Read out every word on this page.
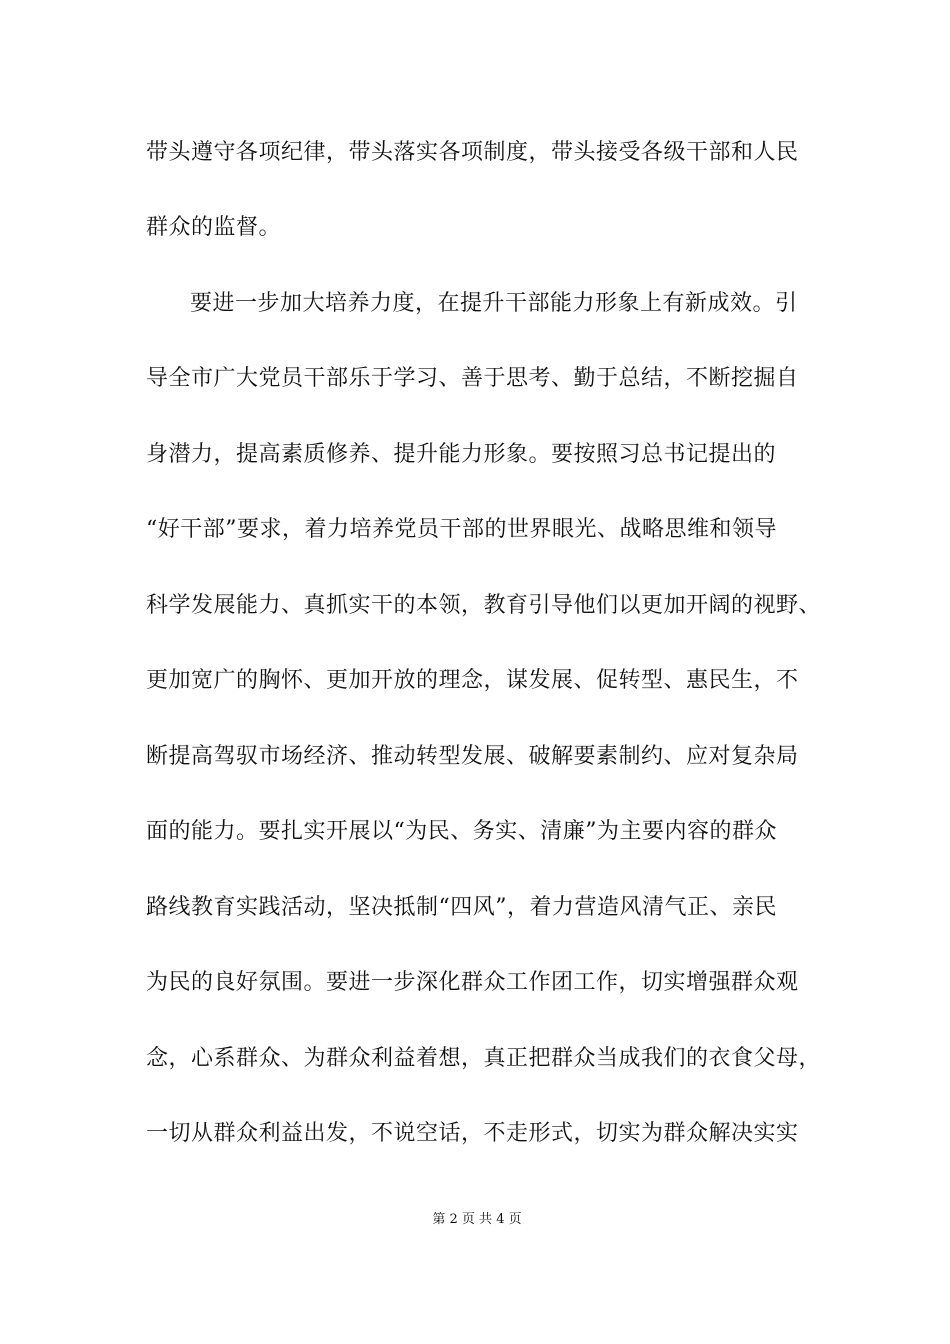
带头遵守各项纪律，带头落实各项制度，带头接受各级干部和人民
群众的监督。
要进一步加大培养力度，在提升干部能力形象上有新成效。引
导全市广大党员干部乐于学习、善于思考、勤于总结，不断挖掘自
身潜力，提高素质修养、提升能力形象。要按照习总书记提出的
“好干部”要求，着力培养党员干部的世界眼光、战略思维和领导
科学发展能力、真抓实干的本领，教育引导他们以更加开阔的视野、
更加宽广的胸怀、更加开放的理念，谋发展、促转型、惠民生，不
断提高驾驭市场经济、推动转型发展、破解要素制约、应对复杂局
面的能力。要扎实开展以“为民、务实、清廉”为主要内容的群众
路线教育实践活动，坚决抵制“四风”，着力营造风清气正、亲民
为民的良好氛围。要进一步深化群众工作团工作，切实增强群众观
念，心系群众、为群众利益着想，真正把群众当成我们的衣食父母，
一切从群众利益出发，不说空话，不走形式，切实为群众解决实实
第 2 页 共 4 页
